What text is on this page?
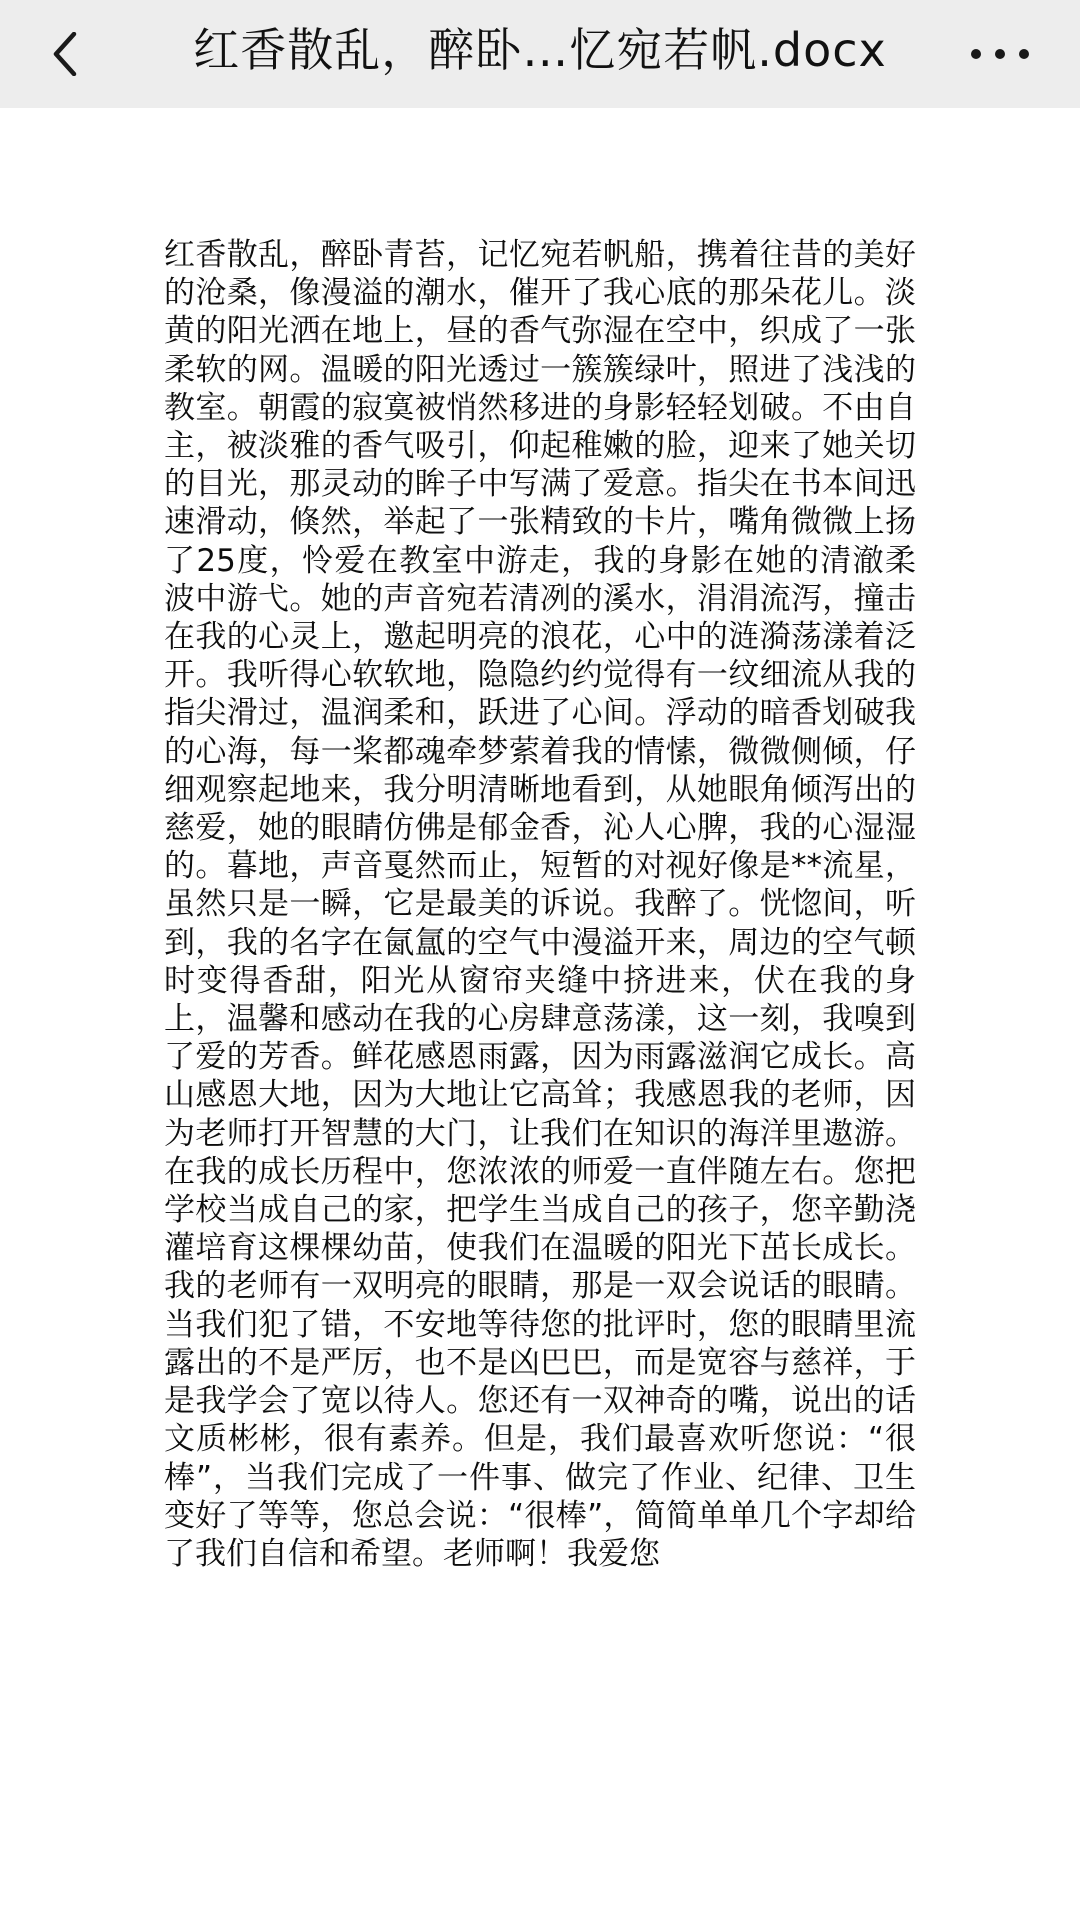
红香散乱，醉卧…忆宛若帆.docx
红香散乱，醉卧青苔，记忆宛若帆船，携着往昔的美好的沧桑，像漫溢的潮水，催开了我心底的那朵花儿。淡黄的阳光洒在地上，昼的香气弥湿在空中，织成了一张柔软的网。温暖的阳光透过一簇簇绿叶，照进了浅浅的教室。朝霞的寂寞被悄然移进的身影轻轻划破。不由自主，被淡雅的香气吸引，仰起稚嫩的脸，迎来了她关切的目光，那灵动的眸子中写满了爱意。指尖在书本间迅速滑动，倏然，举起了一张精致的卡片，嘴角微微上扬了25度，怜爱在教室中游走，我的身影在她的清澈柔波中游弋。她的声音宛若清冽的溪水，涓涓流泻，撞击在我的心灵上，邀起明亮的浪花，心中的涟漪荡漾着泛开。我听得心软软地，隐隐约约觉得有一纹细流从我的指尖滑过，温润柔和，跃进了心间。浮动的暗香划破我的心海，每一桨都魂牵梦萦着我的情愫，微微侧倾，仔细观察起地来，我分明清晰地看到，从她眼角倾泻出的慈爱，她的眼睛仿佛是郁金香，沁人心脾，我的心湿湿的。暮地，声音戛然而止，短暂的对视好像是**流星，虽然只是一瞬，它是最美的诉说。我醉了。恍惚间，听到，我的名字在氤氲的空气中漫溢开来，周边的空气顿时变得香甜，阳光从窗帘夹缝中挤进来，伏在我的身上，温馨和感动在我的心房肆意荡漾，这一刻，我嗅到了爱的芳香。鲜花感恩雨露，因为雨露滋润它成长。高山感恩大地，因为大地让它高耸；我感恩我的老师，因为老师打开智慧的大门，让我们在知识的海洋里遨游。在我的成长历程中，您浓浓的师爱一直伴随左右。您把学校当成自己的家，把学生当成自己的孩子，您辛勤浇灌培育这棵棵幼苗，使我们在温暖的阳光下茁长成长。我的老师有一双明亮的眼睛，那是一双会说话的眼睛。当我们犯了错，不安地等待您的批评时，您的眼睛里流露出的不是严厉，也不是凶巴巴，而是宽容与慈祥，于是我学会了宽以待人。您还有一双神奇的嘴，说出的话文质彬彬，很有素养。但是，我们最喜欢听您说：“很棒”，当我们完成了一件事、做完了作业、纪律、卫生变好了等等，您总会说：“很棒”，简简单单几个字却给了我们自信和希望。老师啊！我爱您
